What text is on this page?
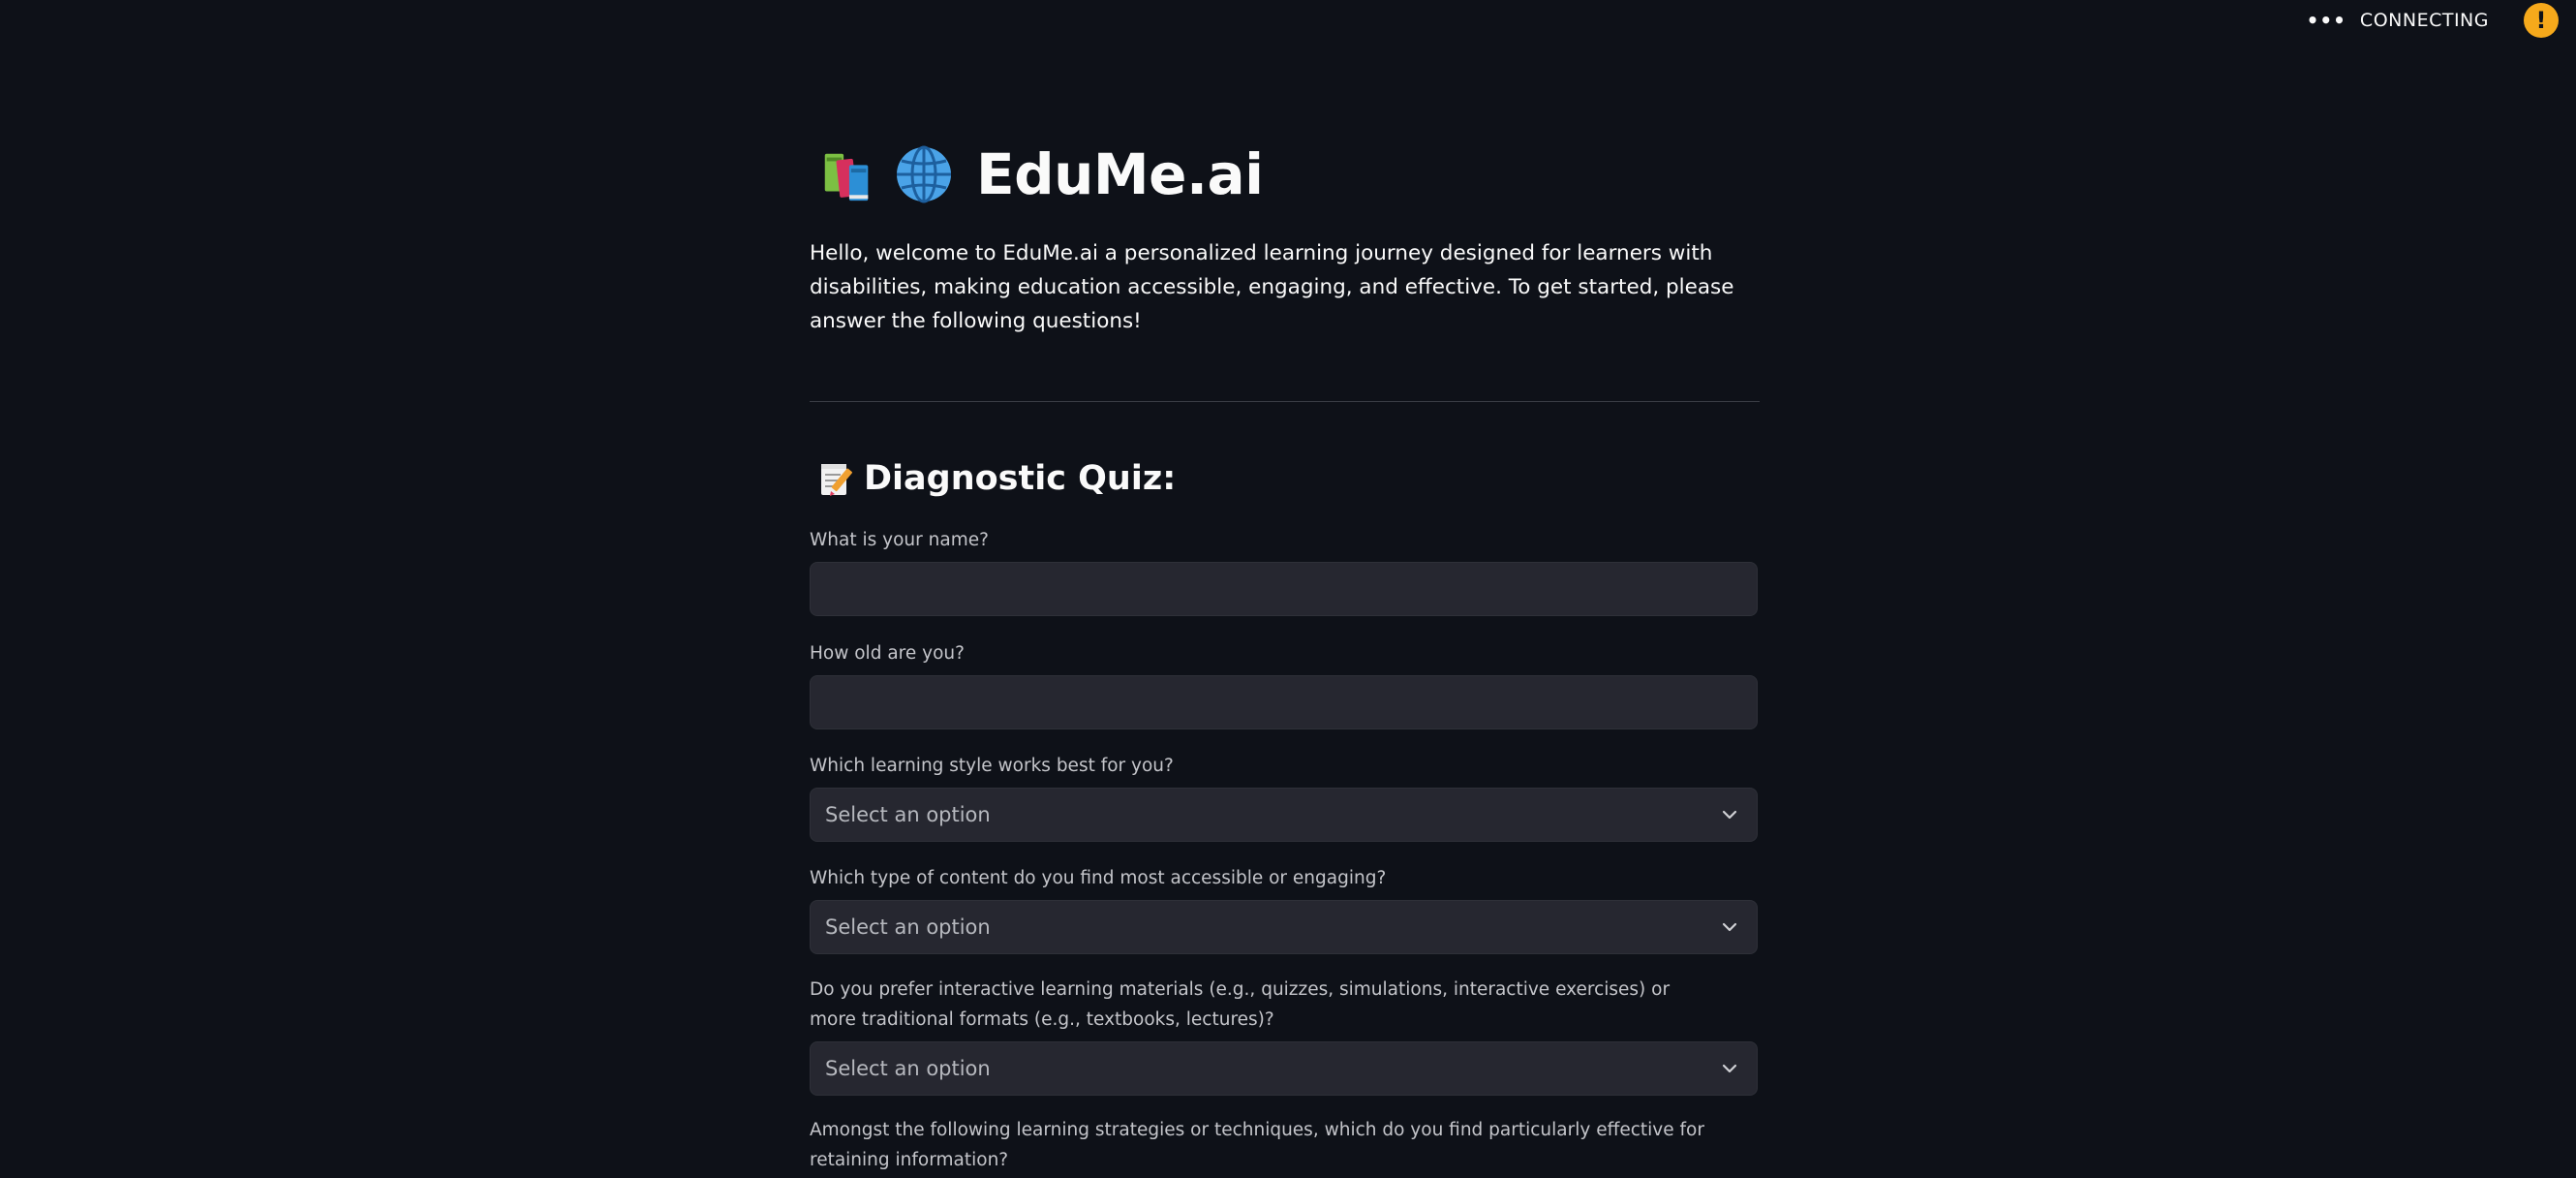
••• CONNECTING	!
EduMe.ai
Hello, welcome to EduMe.ai a personalized learning journey designed for learners with disabilities, making education accessible, engaging, and effective. To get started, please answer the following questions!
Diagnostic Quiz:
What is your name?
How old are you?
Which learning style works best for you?
Select an option
Which type of content do you find most accessible or engaging?
Select an option
Do you prefer interactive learning materials (e.g., quizzes, simulations, interactive exercises) or more traditional formats (e.g., textbooks, lectures)?
Select an option
Amongst the following learning strategies or techniques, which do you find particularly effective for retaining information?
